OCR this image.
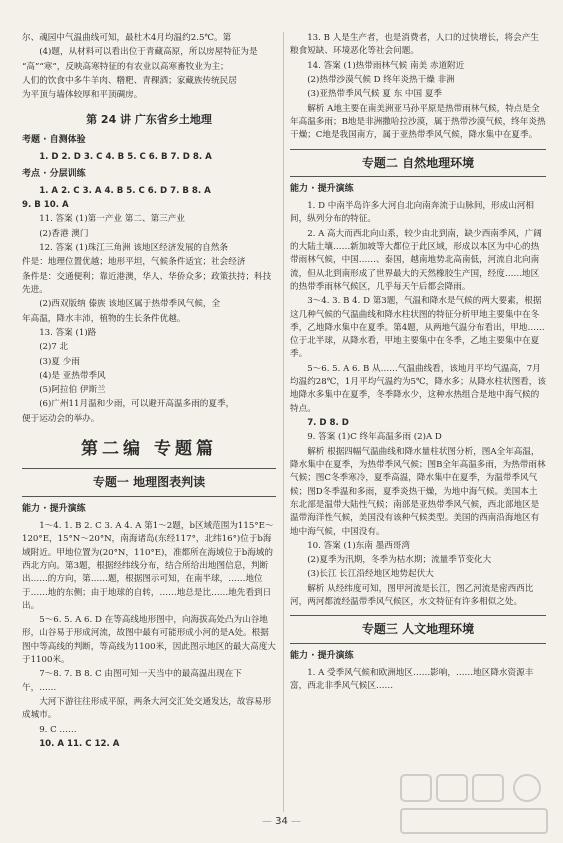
尔、魂园中气温曲线可知，最杜木4月均温约2.5℃。第

(4)题，从材料可以看出位于青藏高原，所以房屋特征为是

“高”“寒”，反映高寒特征的有农业以高寒畜牧业为主；

人们的饮食中多牛羊肉、糌粑、青稞酒；家藏族传统民居

为平顶与墙体较厚和平顶碉房。

第 24 讲 广东省乡土地理
考题 · 自测体验

1. D 2. D 3. C 4. B 5. C 6. B 7. D 8. A

考点 · 分层训练

1. A 2. C 3. A 4. B 5. C 6. D 7. B 8. A

9. B 10. A

11. 答案 (1)第一产业 第二、第三产业

(2)香港 澳门

12. 答案 (1)珠江三角洲 该地区经济发展的自然条

件是：地理位置优越；地形平坦，气候条件适宜；社会经济

条件是：交通便利；靠近港澳，华人、华侨众多；政策扶持；科技先进。

(2)西双版纳 傣族 该地区属于热带季风气候，全

年高温，降水丰沛，植物的生长条件优越。

13. 答案 (1)路

(2)7 北

(3)夏 少雨

(4)是 亚热带季风

(5)阿拉伯 伊斯兰

(6)广州11月温和少雨，可以避开高温多雨的夏季，

便于运动会的举办。

第二编 专题篇
专题一 地理图表判读
能力 · 提升演练

1～4. 1. B 2. C 3. A 4. A 第1～2题，b区域范围为115°E～120°E，15°N～20°N，南海诸岛(东经117°，北纬16°)位于b海域附近。甲地位置为(20°N，110°E)，准都所在海域位于b海域的西北方向。第3题，根据经纬线分布，结合所给出地图信息，判断出……的方向，第……题，根据图示可知，在南半球，……地位于……地的东侧；由于地球的自转，……地总是比……地先看到日出。

5～6. 5. A 6. D 在等高线地形图中，向海拔高处凸为山谷地形，山谷易于形成河流，故图中最有可能形成小河的是A处。根据图中等高线的判断，等高线为1100米，因此图示地区的最大高度大于1100米。

7～8. 7. B 8. C 由图可知一天当中的最高温出现在下午，……

大河下游往往形成平原，两条大河交汇处交通发达，故容易形成城市。

9. C ……

10. A 11. C 12. A

13. B 人是生产者，也是消费者，人口的过快增长，将会产生粮食短缺、环境恶化等社会问题。

14. 答案 (1)热带雨林气候 南美 赤道附近

(2)热带沙漠气候 D 终年炎热干燥 非洲

(3)亚热带季风气候 夏 东 中国 夏季

解析 A地主要在南美洲亚马孙平原是热带雨林气候，特点是全年高温多雨；B地是非洲撒哈拉沙漠，属于热带沙漠气候，终年炎热干燥；C地是我国南方，属于亚热带季风气候，降水集中在夏季。

专题二 自然地理环境
能力 · 提升演练

1. D 中南半岛许多大河自北向南奔流于山脉间，形成山河相间，纵列分布的特征。

2. A 高大而西北向山系，较少由北到南，缺少西南季风，广阔的大陆土壤……新加坡等大都位于此区域，形成以本区为中心的热带雨林气候，中国……、泰国，越南地势北高南低，河流自北向南流，但从北到南形成了世界最大的天然橡胶生产国，经度……地区的热带季雨林气候区，几乎每天午后都会降雨。

3～4. 3. B 4. D 第3题，气温和降水是气候的两大要素，根据这几种气候的气温曲线和降水柱状图的特征分析甲地主要集中在冬季，乙地降水集中在夏季。第4题，从两地气温分布看出，甲地……位于北半球，从降水看，甲地主要集中在冬季，乙地主要集中在夏季。

5～6. 5. A 6. B 从……气温曲线看，该地月平均气温高，7月均温约28℃，1月平均气温约为5℃，降水多；从降水柱状图看，该地降水多集中在夏季，冬季降水少，这种水热组合是地中海气候的特点。

7. D 8. D

9. 答案 (1)C 终年高温多雨 (2)A D

解析 根据四幅气温曲线和降水量柱状图分析，图A全年高温，降水集中在夏季，为热带季风气候；图B全年高温多雨，为热带雨林气候；图C冬季寒冷，夏季高温，降水集中在夏季，为温带季风气候；图D冬季温和多雨，夏季炎热干燥，为地中海气候。美国本土东北部是温带大陆性气候；南部是亚热带季风气候，西北部地区是温带海洋性气候，美国没有该种气候类型。美国的西南沿海地区有地中海气候，中国没有。

10. 答案 (1)东南 墨西哥湾

(2)夏季为汛期，冬季为枯水期；流量季节变化大

(3)长江 长江沿经地区地势起伏大

解析 从经纬度可知，图甲河流是长江，图乙河流是密西西比河，两河都流经温带季风气候区，水文特征有许多相似之处。

专题三 人文地理环境
能力 · 提升演练

1. A 受季风气候和欧洲地区……影响，……地区降水资源丰富，西北非季风气候区……

— 34 —
